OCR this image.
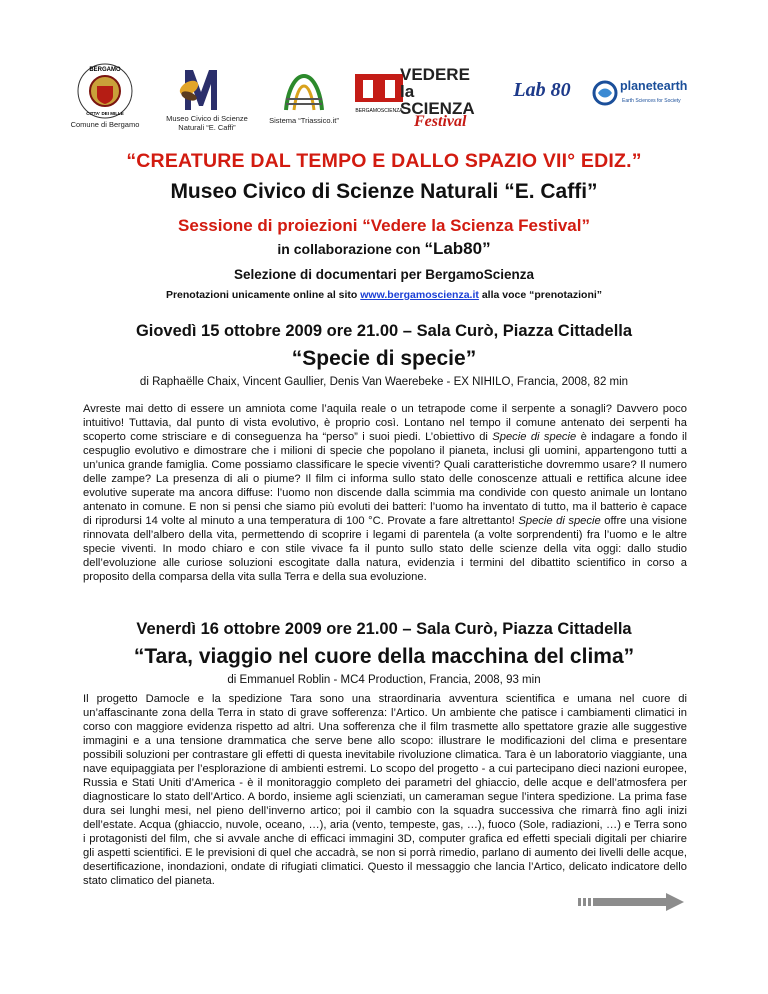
BERGAMO
CITTA' DEI MILLE
Comune di Bergamo
Museo Civico di Scienze Naturali “E. Caffi”
Sistema “Triassico.it”
BERGAMOSCIENZA
VEDERE la SCIENZA
Festival
Lab 80	planetearth
Earth Sciences for Society
“CREATURE DAL TEMPO E DALLO SPAZIO VII° EDIZ.”
Museo Civico di Scienze Naturali “E. Caffi”
Sessione di proiezioni “Vedere la Scienza Festival”
in collaborazione con “Lab80”
Selezione di documentari per BergamoScienza
Prenotazioni unicamente online al sito www.bergamoscienza.it alla voce “prenotazioni”
Giovedì 15 ottobre 2009 ore 21.00 – Sala Curò, Piazza Cittadella
“Specie di specie”
di Raphaëlle Chaix, Vincent Gaullier, Denis Van Waerebeke - EX NIHILO, Francia, 2008, 82 min
Avreste mai detto di essere un amniota come l’aquila reale o un tetrapode come il serpente a sonagli? Davvero poco intuitivo! Tuttavia, dal punto di vista evolutivo, è proprio così. Lontano nel tempo il comune antenato dei serpenti ha scoperto come strisciare e di conseguenza ha “perso” i suoi piedi. L’obiettivo di Specie di specie è indagare a fondo il cespuglio evolutivo e dimostrare che i milioni di specie che popolano il pianeta, inclusi gli uomini, appartengono tutti a un’unica grande famiglia. Come possiamo classificare le specie viventi? Quali caratteristiche dovremmo usare? Il numero delle zampe? La presenza di ali o piume? Il film ci informa sullo stato delle conoscenze attuali e rettifica alcune idee evolutive superate ma ancora diffuse: l’uomo non discende dalla scimmia ma condivide con questo animale un lontano antenato in comune. E non si pensi che siamo più evoluti dei batteri: l’uomo ha inventato di tutto, ma il batterio è capace di riprodursi 14 volte al minuto a una temperatura di 100 °C. Provate a fare altrettanto! Specie di specie offre una visione rinnovata dell’albero della vita, permettendo di scoprire i legami di parentela (a volte sorprendenti) fra l’uomo e le altre specie viventi. In modo chiaro e con stile vivace fa il punto sullo stato delle scienze della vita oggi: dallo studio dell’evoluzione alle curiose soluzioni escogitate dalla natura, evidenzia i termini del dibattito scientifico in corso a proposito della comparsa della vita sulla Terra e della sua evoluzione.
Venerdì 16 ottobre 2009 ore 21.00 – Sala Curò, Piazza Cittadella
“Tara, viaggio nel cuore della macchina del clima”
di Emmanuel Roblin - MC4 Production, Francia, 2008, 93 min
Il progetto Damocle e la spedizione Tara sono una straordinaria avventura scientifica e umana nel cuore di un’affascinante zona della Terra in stato di grave sofferenza: l’Artico. Un ambiente che patisce i cambiamenti climatici in corso con maggiore evidenza rispetto ad altri. Una sofferenza che il film trasmette allo spettatore grazie alle suggestive immagini e a una tensione drammatica che serve bene allo scopo: illustrare le modificazioni del clima e presentare possibili soluzioni per contrastare gli effetti di questa inevitabile rivoluzione climatica. Tara è un laboratorio viaggiante, una nave equipaggiata per l’esplorazione di ambienti estremi. Lo scopo del progetto - a cui partecipano dieci nazioni europee, Russia e Stati Uniti d’America - è il monitoraggio completo dei parametri del ghiaccio, delle acque e dell’atmosfera per diagnosticare lo stato dell’Artico. A bordo, insieme agli scienziati, un cameraman segue l’intera spedizione. La prima fase dura sei lunghi mesi, nel pieno dell’inverno artico; poi il cambio con la squadra successiva che rimarrà fino agli inizi dell’estate. Acqua (ghiaccio, nuvole, oceano, …), aria (vento, tempeste, gas, …), fuoco (Sole, radiazioni, …) e Terra sono i protagonisti del film, che si avvale anche di efficaci immagini 3D, computer grafica ed effetti speciali digitali per chiarire gli aspetti scientifici. E le previsioni di quel che accadrà, se non si porrà rimedio, parlano di aumento dei livelli delle acque, desertificazione, inondazioni, ondate di rifugiati climatici. Questo il messaggio che lancia l’Artico, delicato indicatore dello stato climatico del pianeta.
